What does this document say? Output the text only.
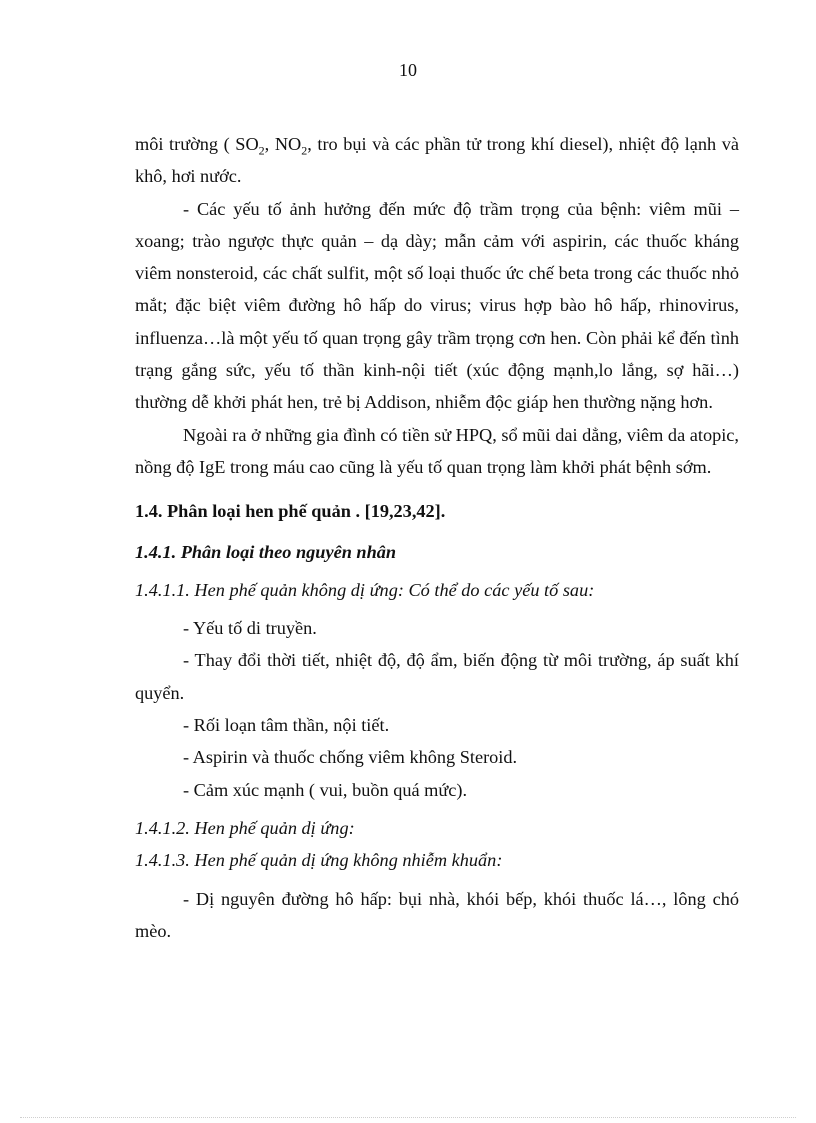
10

môi trường ( $SO_2$, $NO_2$, tro bụi và các phần tử trong khí diesel), nhiệt độ lạnh và khô, hơi nước.

- Các yếu tố ảnh hưởng đến mức độ trầm trọng của bệnh: viêm mũi – xoang; trào ngược thực quản – dạ dày; mẫn cảm với aspirin, các thuốc kháng viêm nonsteroid, các chất sulfit, một số loại thuốc ức chế beta trong các thuốc nhỏ mắt; đặc biệt viêm đường hô hấp do virus; virus hợp bào hô hấp, rhinovirus, influenza…là một yếu tố quan trọng gây trầm trọng cơn hen. Còn phải kể đến tình trạng gắng sức, yếu tố thần kinh-nội tiết (xúc động mạnh,lo lắng, sợ hãi…) thường dễ khởi phát hen, trẻ bị Addison, nhiễm độc giáp hen thường nặng hơn.

Ngoài ra ở những gia đình có tiền sử HPQ, sổ mũi dai dẳng, viêm da atopic, nồng độ IgE trong máu cao cũng là yếu tố quan trọng làm khởi phát bệnh sớm.

1.4. Phân loại hen phế quản . [19,23,42].

1.4.1. Phân loại theo nguyên nhân

1.4.1.1. Hen phế quản không dị ứng: Có thể do các yếu tố sau:

- Yếu tố di truyền.

- Thay đổi thời tiết, nhiệt độ, độ ẩm, biến động từ môi trường, áp suất khí quyển.

- Rối loạn tâm thần, nội tiết.

- Aspirin và thuốc chống viêm không Steroid.

- Cảm xúc mạnh ( vui, buồn quá mức).

1.4.1.2. Hen phế quản dị ứng:

1.4.1.3. Hen phế quản dị ứng không nhiễm khuẩn:

- Dị nguyên đường hô hấp: bụi nhà, khói bếp, khói thuốc lá…, lông chó mèo.
